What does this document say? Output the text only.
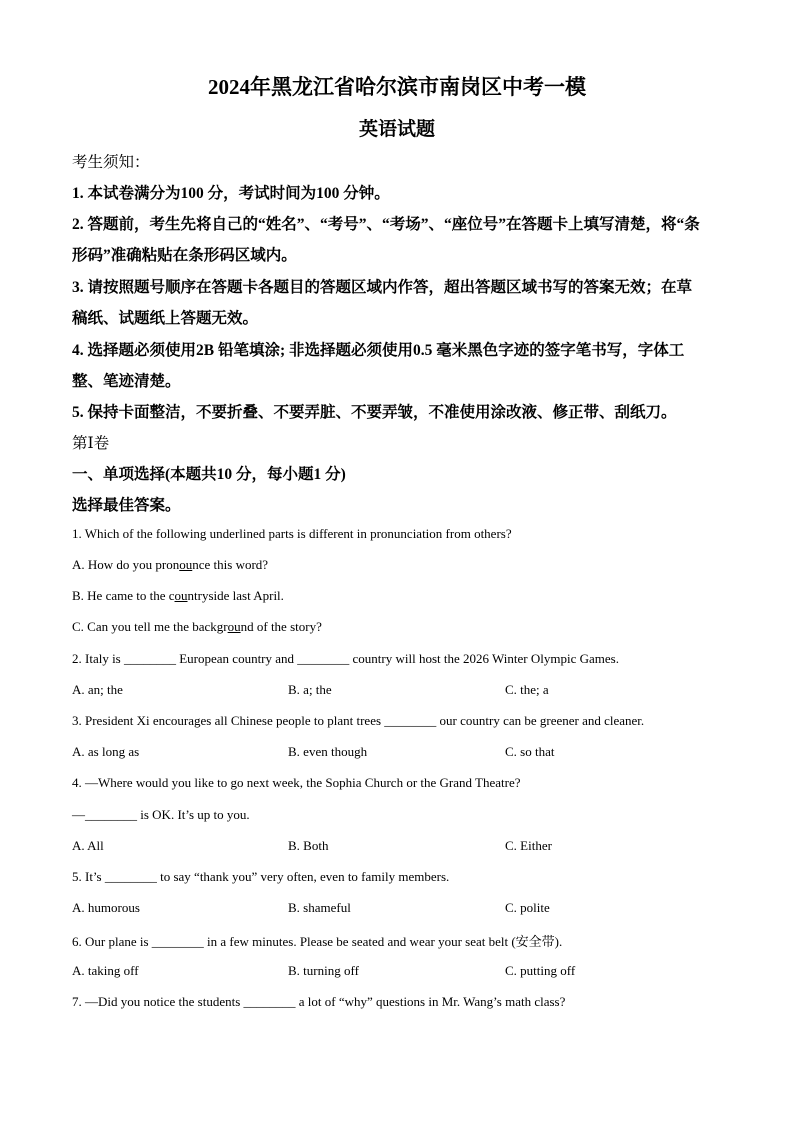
2024年黑龙江省哈尔滨市南岗区中考一模
英语试题
考生须知：
1. 本试卷满分为100 分，考试时间为100 分钟。
2. 答题前，考生先将自己的“姓名”、“考号”、“考场”、“座位号”在答题卡上填写清楚，将“条
形码”准确粘贴在条形码区域内。
3. 请按照题号顺序在答题卡各题目的答题区域内作答，超出答题区域书写的答案无效；在草
稿纸、试题纸上答题无效。
4. 选择题必须使用2B 铅笔填涂; 非选择题必须使用0.5 毫米黑色字迹的签字笔书写，字体工
整、笔迹清楚。
5. 保持卡面整洁，不要折叠、不要弄脏、不要弄皱，不准使用涂改液、修正带、刮纸刀。
第Ⅰ卷
一、单项选择(本题共10 分，每小题1 分)
选择最佳答案。
1. Which of the following underlined parts is different in pronunciation from others?
A. How do you pronounce this word?
B. He came to the countryside last April.
C. Can you tell me the background of the story?
2. Italy is ________ European country and ________ country will host the 2026 Winter Olympic Games.
A. an; the	B. a; the	C. the; a
3. President Xi encourages all Chinese people to plant trees ________ our country can be greener and cleaner.
A. as long as	B. even though	C. so that
4. —Where would you like to go next week, the Sophia Church or the Grand Theatre?
—________ is OK. It’s up to you.
A. All	B. Both	C. Either
5. It’s ________ to say “thank you” very often, even to family members.
A. humorous	B. shameful	C. polite
6. Our plane is ________ in a few minutes. Please be seated and wear your seat belt (安全带).
A. taking off	B. turning off	C. putting off
7. —Did you notice the students ________ a lot of “why” questions in Mr. Wang’s math class?
